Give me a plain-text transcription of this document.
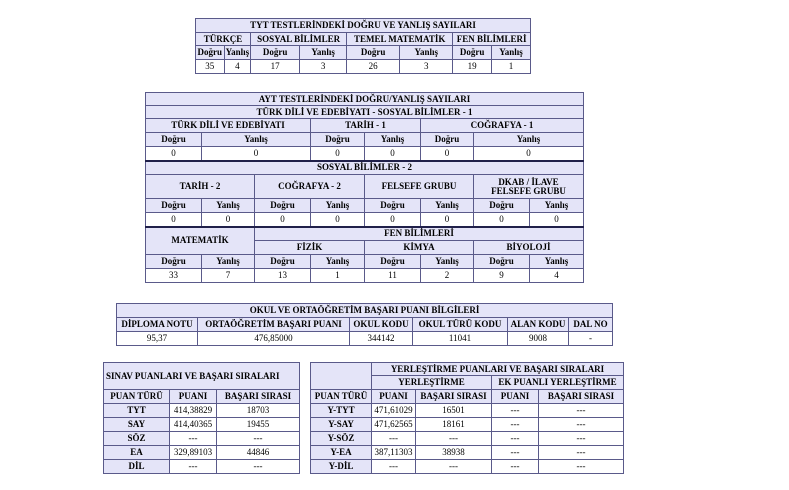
TYT TESTLERİNDEKİ DOĞRU VE YANLIŞ SAYILARI							
TÜRKÇE		SOSYAL BİLİMLER		TEMEL MATEMATİK		FEN BİLİMLERİ	
Doğru	Yanlış	Doğru	Yanlış	Doğru	Yanlış	Doğru	Yanlış
35	4	17	3	26	3	19	1
AYT TESTLERİNDEKİ DOĞRU/YANLIŞ SAYILARI							
TÜRK DİLİ VE EDEBİYATI - SOSYAL BİLİMLER - 1							
TÜRK DİLİ VE EDEBİYATI			TARİH - 1		COĞRAFYA - 1		
Doğru	Yanlış		Doğru	Yanlış	Doğru	Yanlış	
0	0		0	0	0	0	
SOSYAL BİLİMLER - 2							
TARİH - 2		COĞRAFYA - 2		FELSEFE GRUBU		DKAB / İLAVE
FELSEFE GRUBU	
Doğru	Yanlış	Doğru	Yanlış	Doğru	Yanlış	Doğru	Yanlış
0	0	0	0	0	0	0	0
MATEMATİK		FEN BİLİMLERİ					
		FİZİK		KİMYA		BİYOLOJİ	
Doğru	Yanlış	Doğru	Yanlış	Doğru	Yanlış	Doğru	Yanlış
33	7	13	1	11	2	9	4
OKUL VE ORTAÖĞRETİM BAŞARI PUANI BİLGİLERİ					
DİPLOMA NOTU	ORTAÖĞRETİM BAŞARI PUANI	OKUL KODU	OKUL TÜRÜ KODU	ALAN KODU	DAL NO
95,37	476,85000	344142	11041	9008	-
SINAV PUANLARI VE BAŞARI SIRALARI		
PUAN TÜRÜ	PUANI	BAŞARI SIRASI
TYT	414,38829	18703
SAY	414,40365	19455
SÖZ	---	---
EA	329,89103	44846
DİL	---	---
	YERLEŞTİRME PUANLARI VE BAŞARI SIRALARI			
	YERLEŞTİRME		EK PUANLI YERLEŞTİRME	
PUAN TÜRÜ	PUANI	BAŞARI SIRASI	PUANI	BAŞARI SIRASI
Y-TYT	471,61029	16501	---	---
Y-SAY	471,62565	18161	---	---
Y-SÖZ	---	---	---	---
Y-EA	387,11303	38938	---	---
Y-DİL	---	---	---	---
